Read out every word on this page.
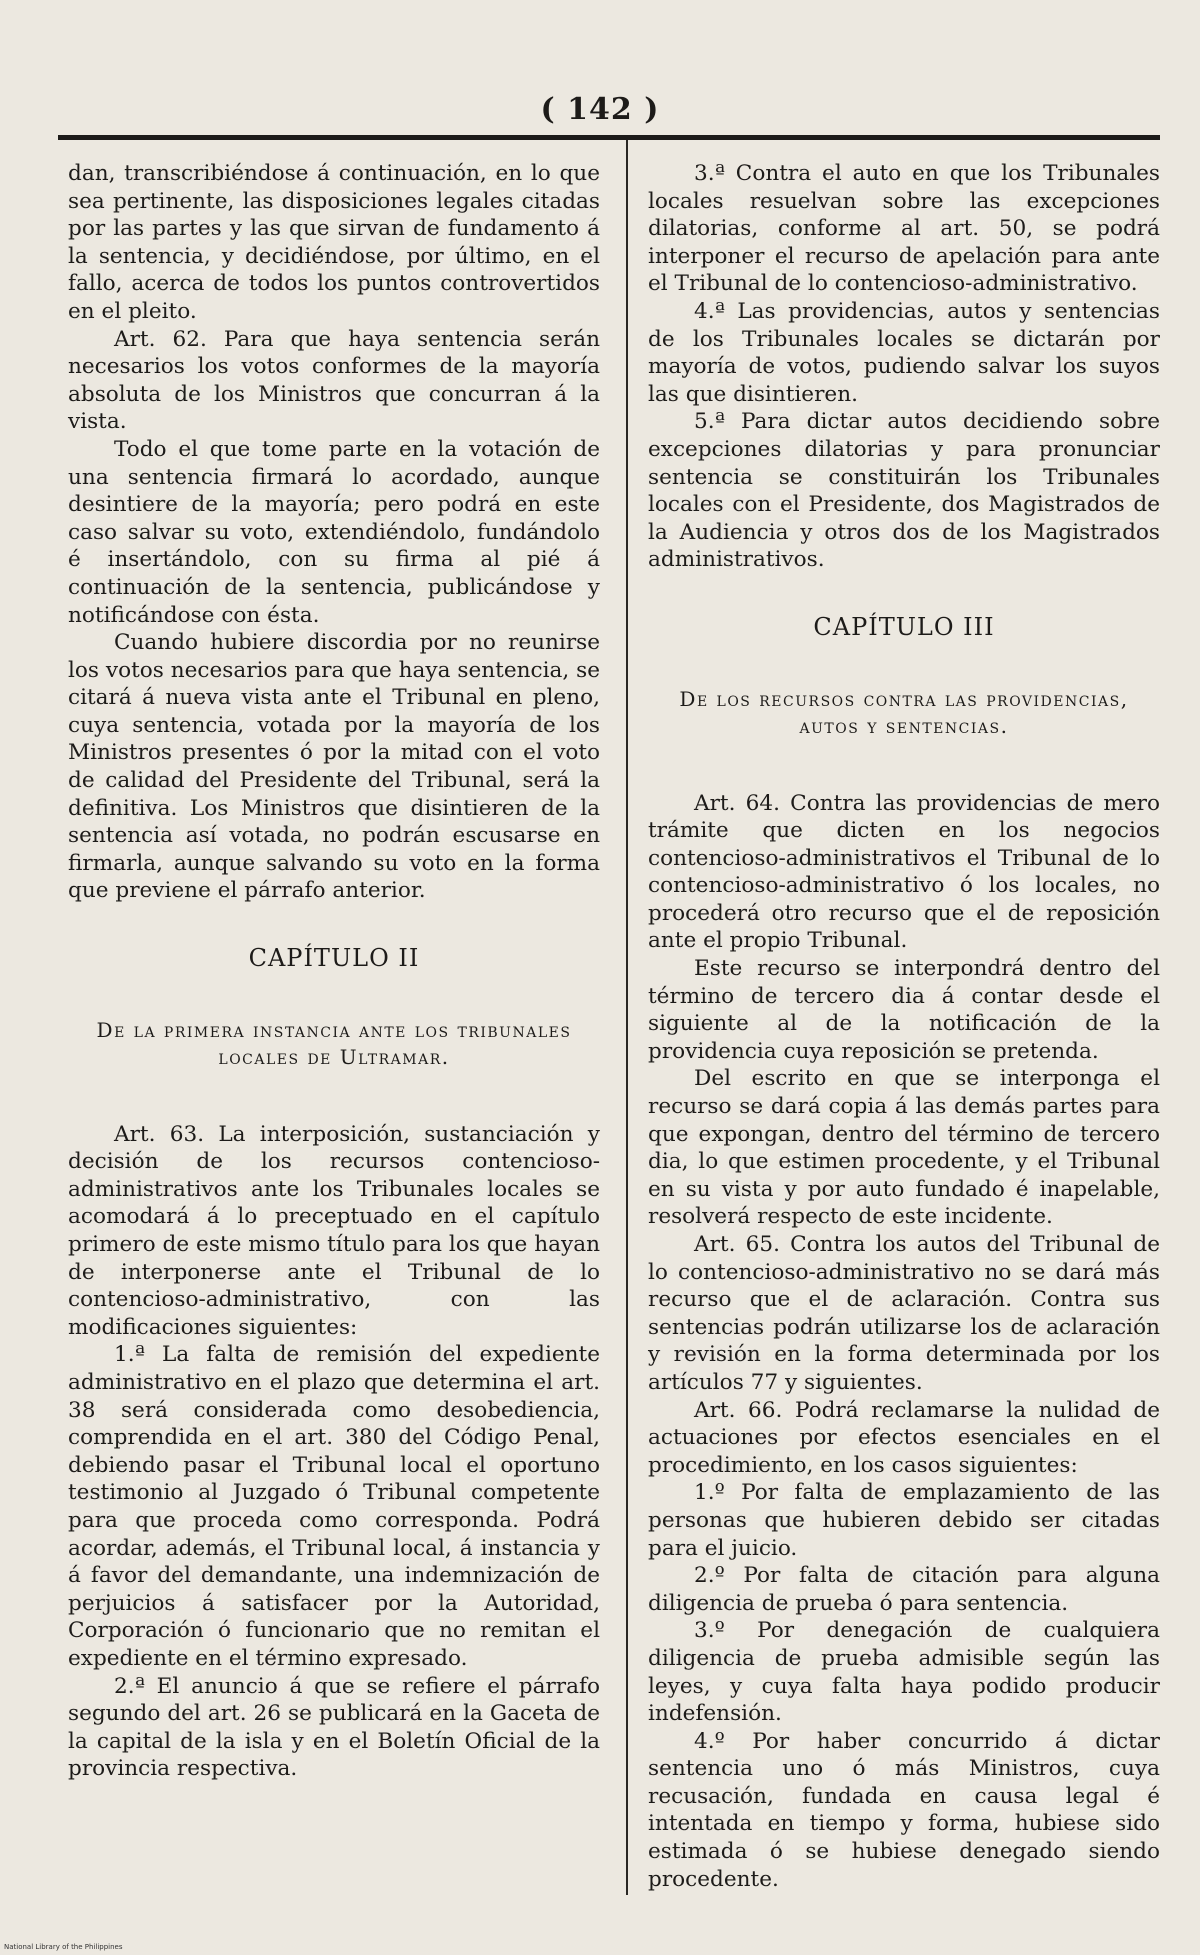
( 142 )

dan, transcribiéndose á continuación, en lo que sea pertinente, las disposiciones legales citadas por las partes y las que sirvan de fundamento á la sentencia, y decidiéndose, por último, en el fallo, acerca de todos los puntos controvertidos en el pleito.

Art. 62. Para que haya sentencia serán necesarios los votos conformes de la mayoría absoluta de los Ministros que concurran á la vista.

Todo el que tome parte en la votación de una sentencia firmará lo acordado, aunque desintiere de la mayoría; pero podrá en este caso salvar su voto, extendiéndolo, fundándolo é insertándolo, con su firma al pié á continuación de la sentencia, publicándose y notificándose con ésta.

Cuando hubiere discordia por no reunirse los votos necesarios para que haya sentencia, se citará á nueva vista ante el Tribunal en pleno, cuya sentencia, votada por la mayoría de los Ministros presentes ó por la mitad con el voto de calidad del Presidente del Tribunal, será la definitiva. Los Ministros que disintieren de la sentencia así votada, no podrán escusarse en firmarla, aunque salvando su voto en la forma que previene el párrafo anterior.

CAPÍTULO II
De la primera instancia ante los tribunales locales de Ultramar.

Art. 63. La interposición, sustanciación y decisión de los recursos contencioso-administrativos ante los Tribunales locales se acomodará á lo preceptuado en el capítulo primero de este mismo título para los que hayan de interponerse ante el Tribunal de lo contencioso-administrativo, con las modificaciones siguientes:

1.ª La falta de remisión del expediente administrativo en el plazo que determina el art. 38 será considerada como desobediencia, comprendida en el art. 380 del Código Penal, debiendo pasar el Tribunal local el oportuno testimonio al Juzgado ó Tribunal competente para que proceda como corresponda. Podrá acordar, además, el Tribunal local, á instancia y á favor del demandante, una indemnización de perjuicios á satisfacer por la Autoridad, Corporación ó funcionario que no remitan el expediente en el término expresado.

2.ª El anuncio á que se refiere el párrafo segundo del art. 26 se publicará en la Gaceta de la capital de la isla y en el Boletín Oficial de la provincia respectiva.

3.ª Contra el auto en que los Tribunales locales resuelvan sobre las excepciones dilatorias, conforme al art. 50, se podrá interponer el recurso de apelación para ante el Tribunal de lo contencioso-administrativo.

4.ª Las providencias, autos y sentencias de los Tribunales locales se dictarán por mayoría de votos, pudiendo salvar los suyos las que disintieren.

5.ª Para dictar autos decidiendo sobre excepciones dilatorias y para pronunciar sentencia se constituirán los Tribunales locales con el Presidente, dos Magistrados de la Audiencia y otros dos de los Magistrados administrativos.

CAPÍTULO III
De los recursos contra las providencias, autos y sentencias.

Art. 64. Contra las providencias de mero trámite que dicten en los negocios contencioso-administrativos el Tribunal de lo contencioso-administrativo ó los locales, no procederá otro recurso que el de reposición ante el propio Tribunal.

Este recurso se interpondrá dentro del término de tercero dia á contar desde el siguiente al de la notificación de la providencia cuya reposición se pretenda.

Del escrito en que se interponga el recurso se dará copia á las demás partes para que expongan, dentro del término de tercero dia, lo que estimen procedente, y el Tribunal en su vista y por auto fundado é inapelable, resolverá respecto de este incidente.

Art. 65. Contra los autos del Tribunal de lo contencioso-administrativo no se dará más recurso que el de aclaración. Contra sus sentencias podrán utilizarse los de aclaración y revisión en la forma determinada por los artículos 77 y siguientes.

Art. 66. Podrá reclamarse la nulidad de actuaciones por efectos esenciales en el procedimiento, en los casos siguientes:

1.º Por falta de emplazamiento de las personas que hubieren debido ser citadas para el juicio.

2.º Por falta de citación para alguna diligencia de prueba ó para sentencia.

3.º Por denegación de cualquiera diligencia de prueba admisible según las leyes, y cuya falta haya podido producir indefensión.

4.º Por haber concurrido á dictar sentencia uno ó más Ministros, cuya recusación, fundada en causa legal é intentada en tiempo y forma, hubiese sido estimada ó se hubiese denegado siendo procedente.

National Library of the Philippines
